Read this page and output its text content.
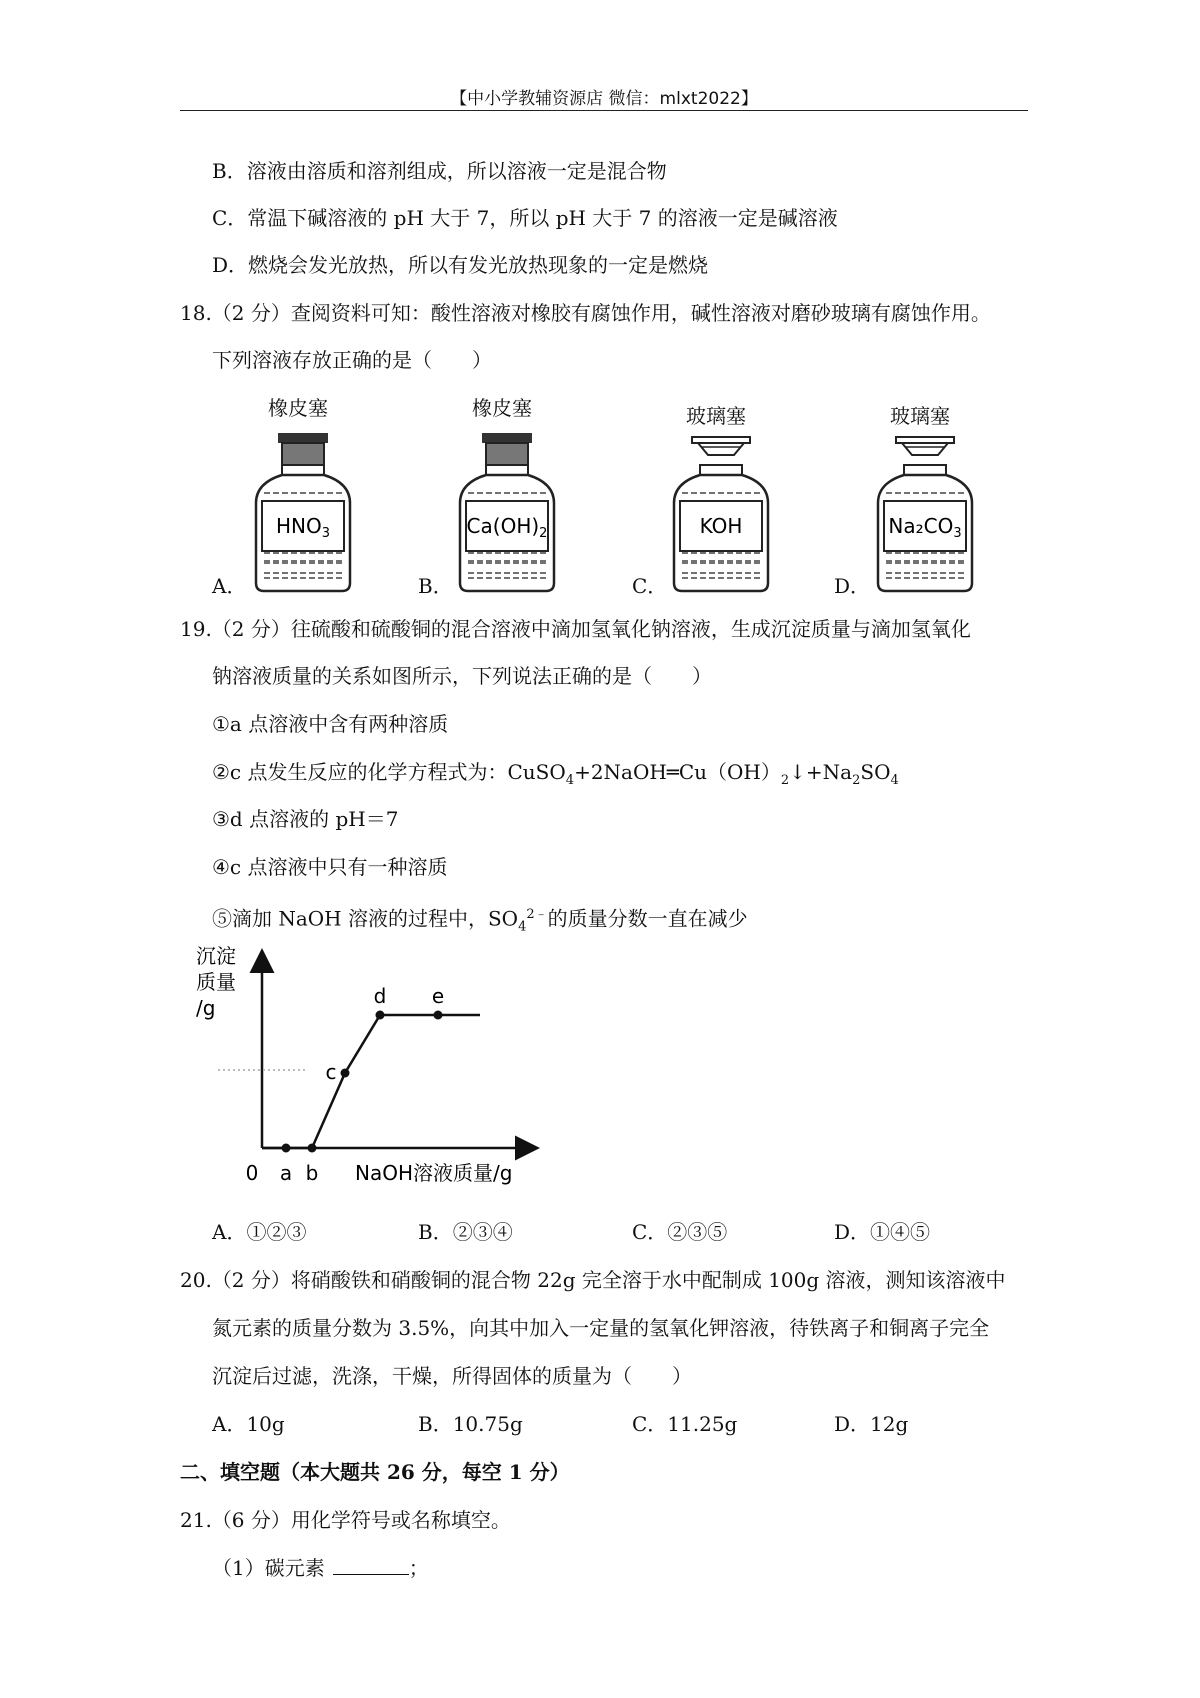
【中小学教辅资源店 微信：mlxt2022】
B．溶液由溶质和溶剂组成，所以溶液一定是混合物
C．常温下碱溶液的 pH 大于 7，所以 pH 大于 7 的溶液一定是碱溶液
D．燃烧会发光放热，所以有发光放热现象的一定是燃烧
18.（2 分）查阅资料可知：酸性溶液对橡胶有腐蚀作用，碱性溶液对磨砂玻璃有腐蚀作用。
下列溶液存放正确的是（　　）
橡皮塞
A．
$HNO_3$
橡皮塞
B．
$Ca(OH)_2$
玻璃塞
C．
KOH
玻璃塞
D．
$Na_2CO_3$
19.（2 分）往硫酸和硫酸铜的混合溶液中滴加氢氧化钠溶液，生成沉淀质量与滴加氢氧化
钠溶液质量的关系如图所示，下列说法正确的是（　　）
①a 点溶液中含有两种溶质
②c 点发生反应的化学方程式为：$CuSO_4+2NaOH═Cu(OH)_2↓+Na_2SO_4$
③d 点溶液的 pH＝7
④c 点溶液中只有一种溶质
⑤滴加 NaOH 溶液的过程中，$SO_4^{2﹣}$的质量分数一直在减少
沉淀
质量
/g
a b
c
d e
0	NaOH溶液质量/g
A．①②③	B．②③④	C．②③⑤	D．①④⑤
20.（2 分）将硝酸铁和硝酸铜的混合物 22g 完全溶于水中配制成 100g 溶液，测知该溶液中
氮元素的质量分数为 3.5%，向其中加入一定量的氢氧化钾溶液，待铁离子和铜离子完全
沉淀后过滤，洗涤，干燥，所得固体的质量为（　　）
A．10g	B．10.75g	C．11.25g	D．12g
二、填空题（本大题共 26 分，每空 1 分）
21.（6 分）用化学符号或名称填空。
（1）碳元素	；
